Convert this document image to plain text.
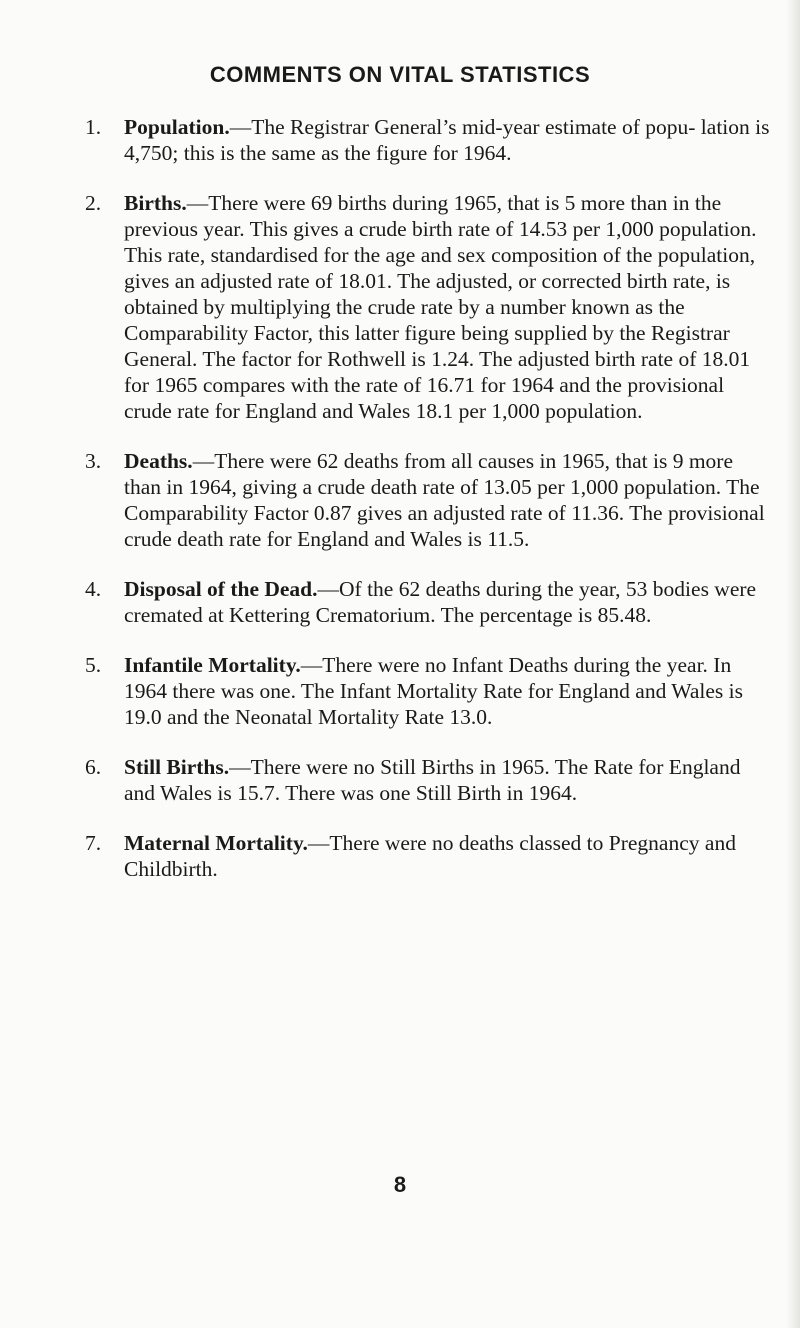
COMMENTS ON VITAL STATISTICS
1. Population.—The Registrar General’s mid-year estimate of popu- lation is 4,750; this is the same as the figure for 1964.
2. Births.—There were 69 births during 1965, that is 5 more than in the previous year. This gives a crude birth rate of 14.53 per 1,000 population. This rate, standardised for the age and sex composition of the population, gives an adjusted rate of 18.01. The adjusted, or corrected birth rate, is obtained by multiplying the crude rate by a number known as the Comparability Factor, this latter figure being supplied by the Registrar General. The factor for Rothwell is 1.24. The adjusted birth rate of 18.01 for 1965 compares with the rate of 16.71 for 1964 and the provisional crude rate for England and Wales 18.1 per 1,000 population.
3. Deaths.—There were 62 deaths from all causes in 1965, that is 9 more than in 1964, giving a crude death rate of 13.05 per 1,000 population. The Comparability Factor 0.87 gives an adjusted rate of 11.36. The provisional crude death rate for England and Wales is 11.5.
4. Disposal of the Dead.—Of the 62 deaths during the year, 53 bodies were cremated at Kettering Crematorium. The percentage is 85.48.
5. Infantile Mortality.—There were no Infant Deaths during the year. In 1964 there was one. The Infant Mortality Rate for England and Wales is 19.0 and the Neonatal Mortality Rate 13.0.
6. Still Births.—There were no Still Births in 1965. The Rate for England and Wales is 15.7. There was one Still Birth in 1964.
7. Maternal Mortality.—There were no deaths classed to Pregnancy and Childbirth.
8
